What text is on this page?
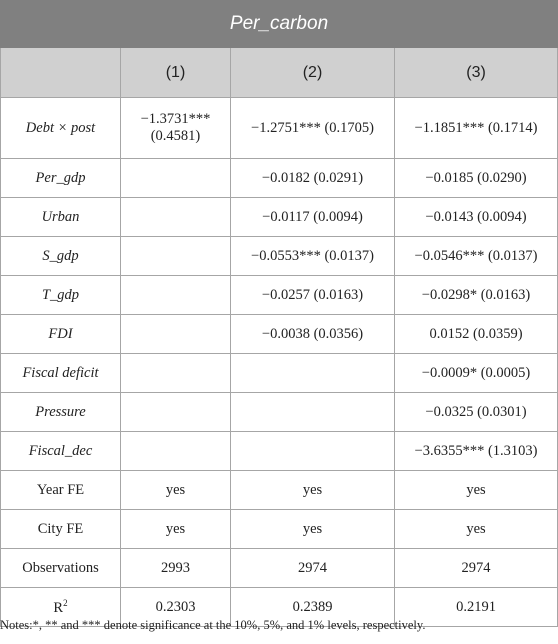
Per_carbon			
	(1)	(2)	(3)
Debt × post	−1.3731*** (0.4581)	−1.2751*** (0.1705)	−1.1851*** (0.1714)
Per_gdp		−0.0182 (0.0291)	−0.0185 (0.0290)
Urban		−0.0117 (0.0094)	−0.0143 (0.0094)
S_gdp		−0.0553*** (0.0137)	−0.0546*** (0.0137)
T_gdp		−0.0257 (0.0163)	−0.0298* (0.0163)
FDI		−0.0038 (0.0356)	0.0152 (0.0359)
Fiscal deficit			−0.0009* (0.0005)
Pressure			−0.0325 (0.0301)
Fiscal_dec			−3.6355*** (1.3103)
Year FE	yes	yes	yes
City FE	yes	yes	yes
Observations	2993	2974	2974
$R^2$	0.2303	0.2389	0.2191
Notes:*, ** and *** denote significance at the 10%, 5%, and 1% levels, respectively.
